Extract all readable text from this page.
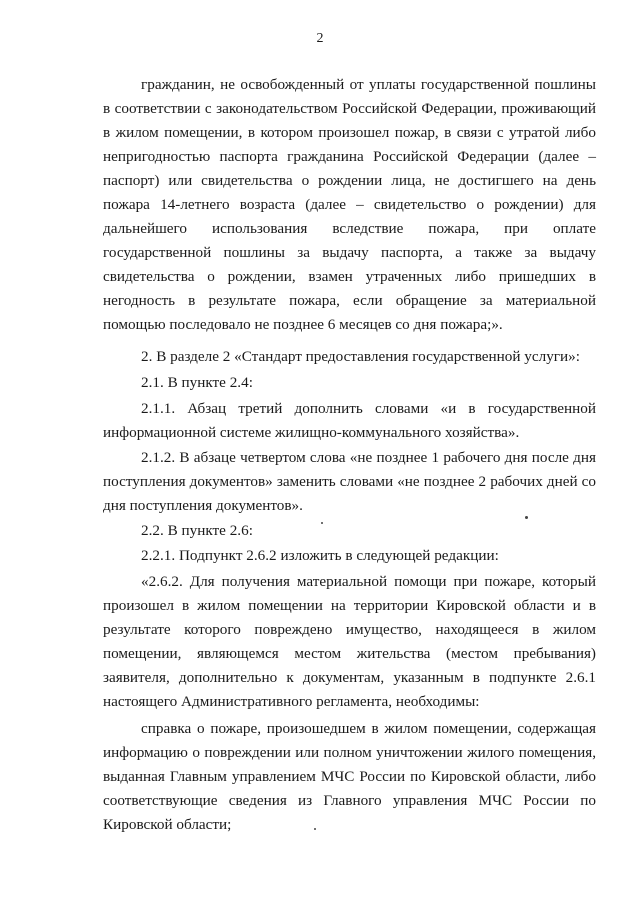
2

гражданин, не освобожденный от уплаты государственной пошлины в соответствии с законодательством Российской Федерации, проживающий в жилом помещении, в котором произошел пожар, в связи с утратой либо непригодностью паспорта гражданина Российской Федерации (далее – паспорт) или свидетельства о рождении лица, не достигшего на день пожара 14-летнего возраста (далее – свидетельство о рождении) для дальнейшего использования вследствие пожара, при оплате государственной пошлины за выдачу паспорта, а также за выдачу свидетельства о рождении, взамен утраченных либо пришедших в негодность в результате пожара, если обращение за материальной помощью последовало не позднее 6 месяцев со дня пожара;».

2. В разделе 2 «Стандарт предоставления государственной услуги»:

2.1. В пункте 2.4:

2.1.1. Абзац третий дополнить словами «и в государственной информационной системе жилищно-коммунального хозяйства».

2.1.2. В абзаце четвертом слова «не позднее 1 рабочего дня после дня поступления документов» заменить словами «не позднее 2 рабочих дней со дня поступления документов».

2.2. В пункте 2.6:

2.2.1. Подпункт 2.6.2 изложить в следующей редакции:

«2.6.2. Для получения материальной помощи при пожаре, который произошел в жилом помещении на территории Кировской области и в результате которого повреждено имущество, находящееся в жилом помещении, являющемся местом жительства (местом пребывания) заявителя, дополнительно к документам, указанным в подпункте 2.6.1 настоящего Административного регламента, необходимы:

справка о пожаре, произошедшем в жилом помещении, содержащая информацию о повреждении или полном уничтожении жилого помещения, выданная Главным управлением МЧС России по Кировской области, либо соответствующие сведения из Главного управления МЧС России по Кировской области;
